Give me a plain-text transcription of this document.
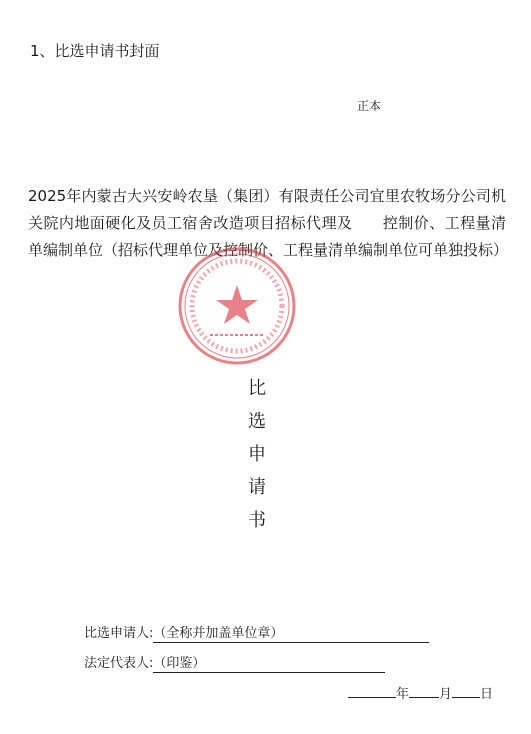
1、比选申请书封面
正本
2025年内蒙古大兴安岭农垦（集团）有限责任公司宜里农牧场分公司机关院内地面硬化及员工宿舍改造项目招标代理及 控制价、工程量清单编制单位（招标代理单位及控制价、工程量清单编制单位可单独投标）
比
选
申
请
书
比选申请人:（全称并加盖单位章）
法定代表人:（印鉴）
年 月 日
